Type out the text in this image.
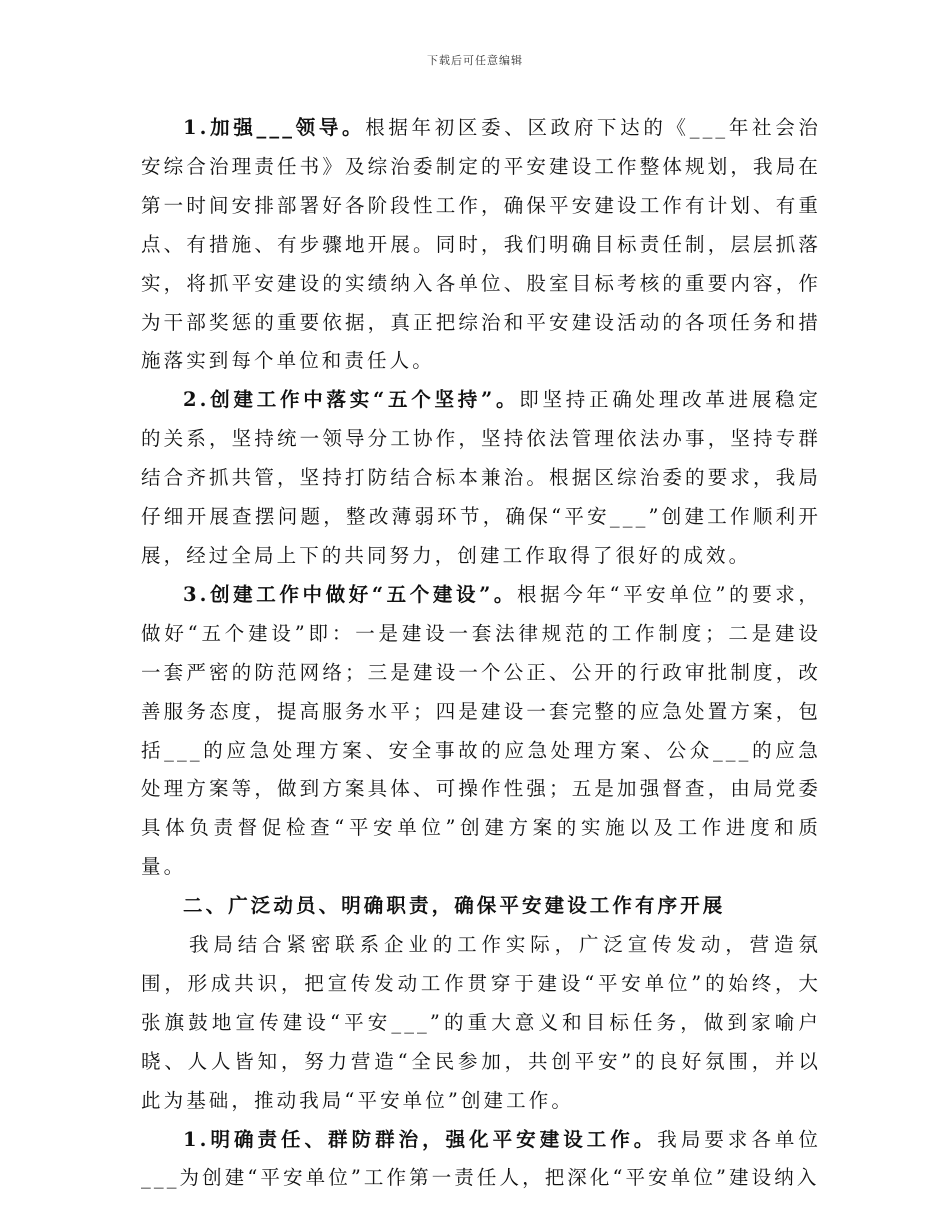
下载后可任意编辑

1.加强___领导。根据年初区委、区政府下达的《___年社会治安综合治理责任书》及综治委制定的平安建设工作整体规划，我局在第一时间安排部署好各阶段性工作，确保平安建设工作有计划、有重点、有措施、有步骤地开展。同时，我们明确目标责任制，层层抓落实，将抓平安建设的实绩纳入各单位、股室目标考核的重要内容，作为干部奖惩的重要依据，真正把综治和平安建设活动的各项任务和措施落实到每个单位和责任人。

2.创建工作中落实“五个坚持”。即坚持正确处理改革进展稳定的关系，坚持统一领导分工协作，坚持依法管理依法办事，坚持专群结合齐抓共管，坚持打防结合标本兼治。根据区综治委的要求，我局仔细开展查摆问题，整改薄弱环节，确保“平安___”创建工作顺利开展，经过全局上下的共同努力，创建工作取得了很好的成效。

3.创建工作中做好“五个建设”。根据今年“平安单位”的要求，做好“五个建设”即：一是建设一套法律规范的工作制度；二是建设一套严密的防范网络；三是建设一个公正、公开的行政审批制度，改善服务态度，提高服务水平；四是建设一套完整的应急处置方案，包括___的应急处理方案、安全事故的应急处理方案、公众___的应急处理方案等，做到方案具体、可操作性强；五是加强督查，由局党委具体负责督促检查“平安单位”创建方案的实施以及工作进度和质量。

二、广泛动员、明确职责，确保平安建设工作有序开展

我局结合紧密联系企业的工作实际，广泛宣传发动，营造氛围，形成共识，把宣传发动工作贯穿于建设“平安单位”的始终，大张旗鼓地宣传建设“平安___”的重大意义和目标任务，做到家喻户晓、人人皆知，努力营造“全民参加，共创平安”的良好氛围，并以此为基础，推动我局“平安单位”创建工作。

1.明确责任、群防群治，强化平安建设工作。我局要求各单位___为创建“平安单位”工作第一责任人，把深化“平安单位”建设纳入
